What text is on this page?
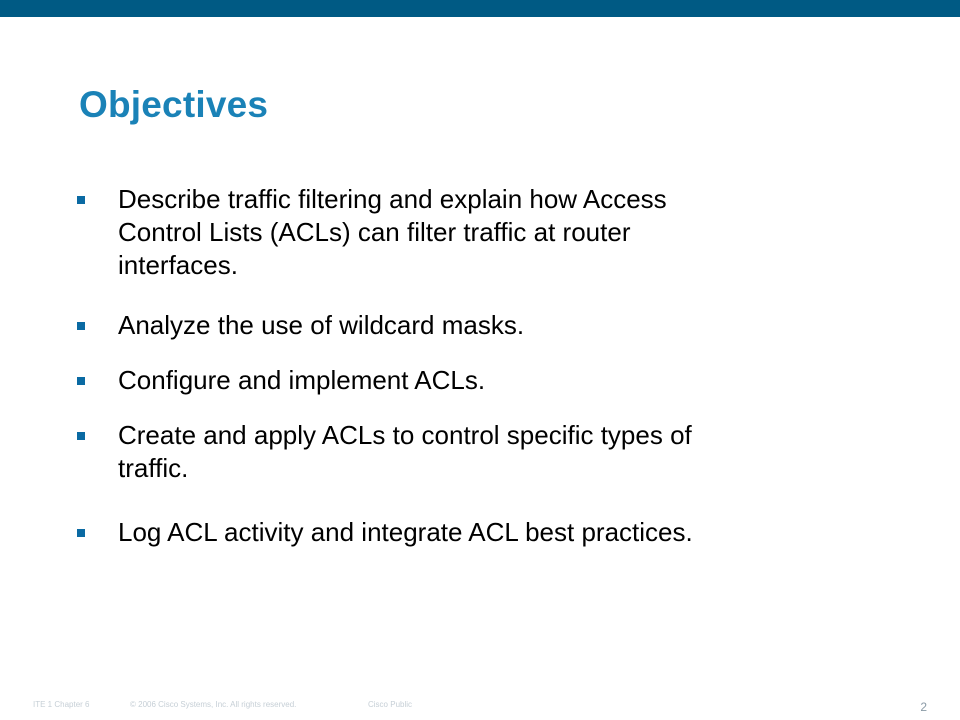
Objectives

Describe traffic filtering and explain how Access
Control Lists (ACLs) can filter traffic at router
interfaces.

Analyze the use of wildcard masks.

Configure and implement ACLs.

Create and apply ACLs to control specific types of
traffic.

Log ACL activity and integrate ACL best practices.

ITE 1 Chapter 6	© 2006 Cisco Systems, Inc. All rights reserved.	Cisco Public	2
